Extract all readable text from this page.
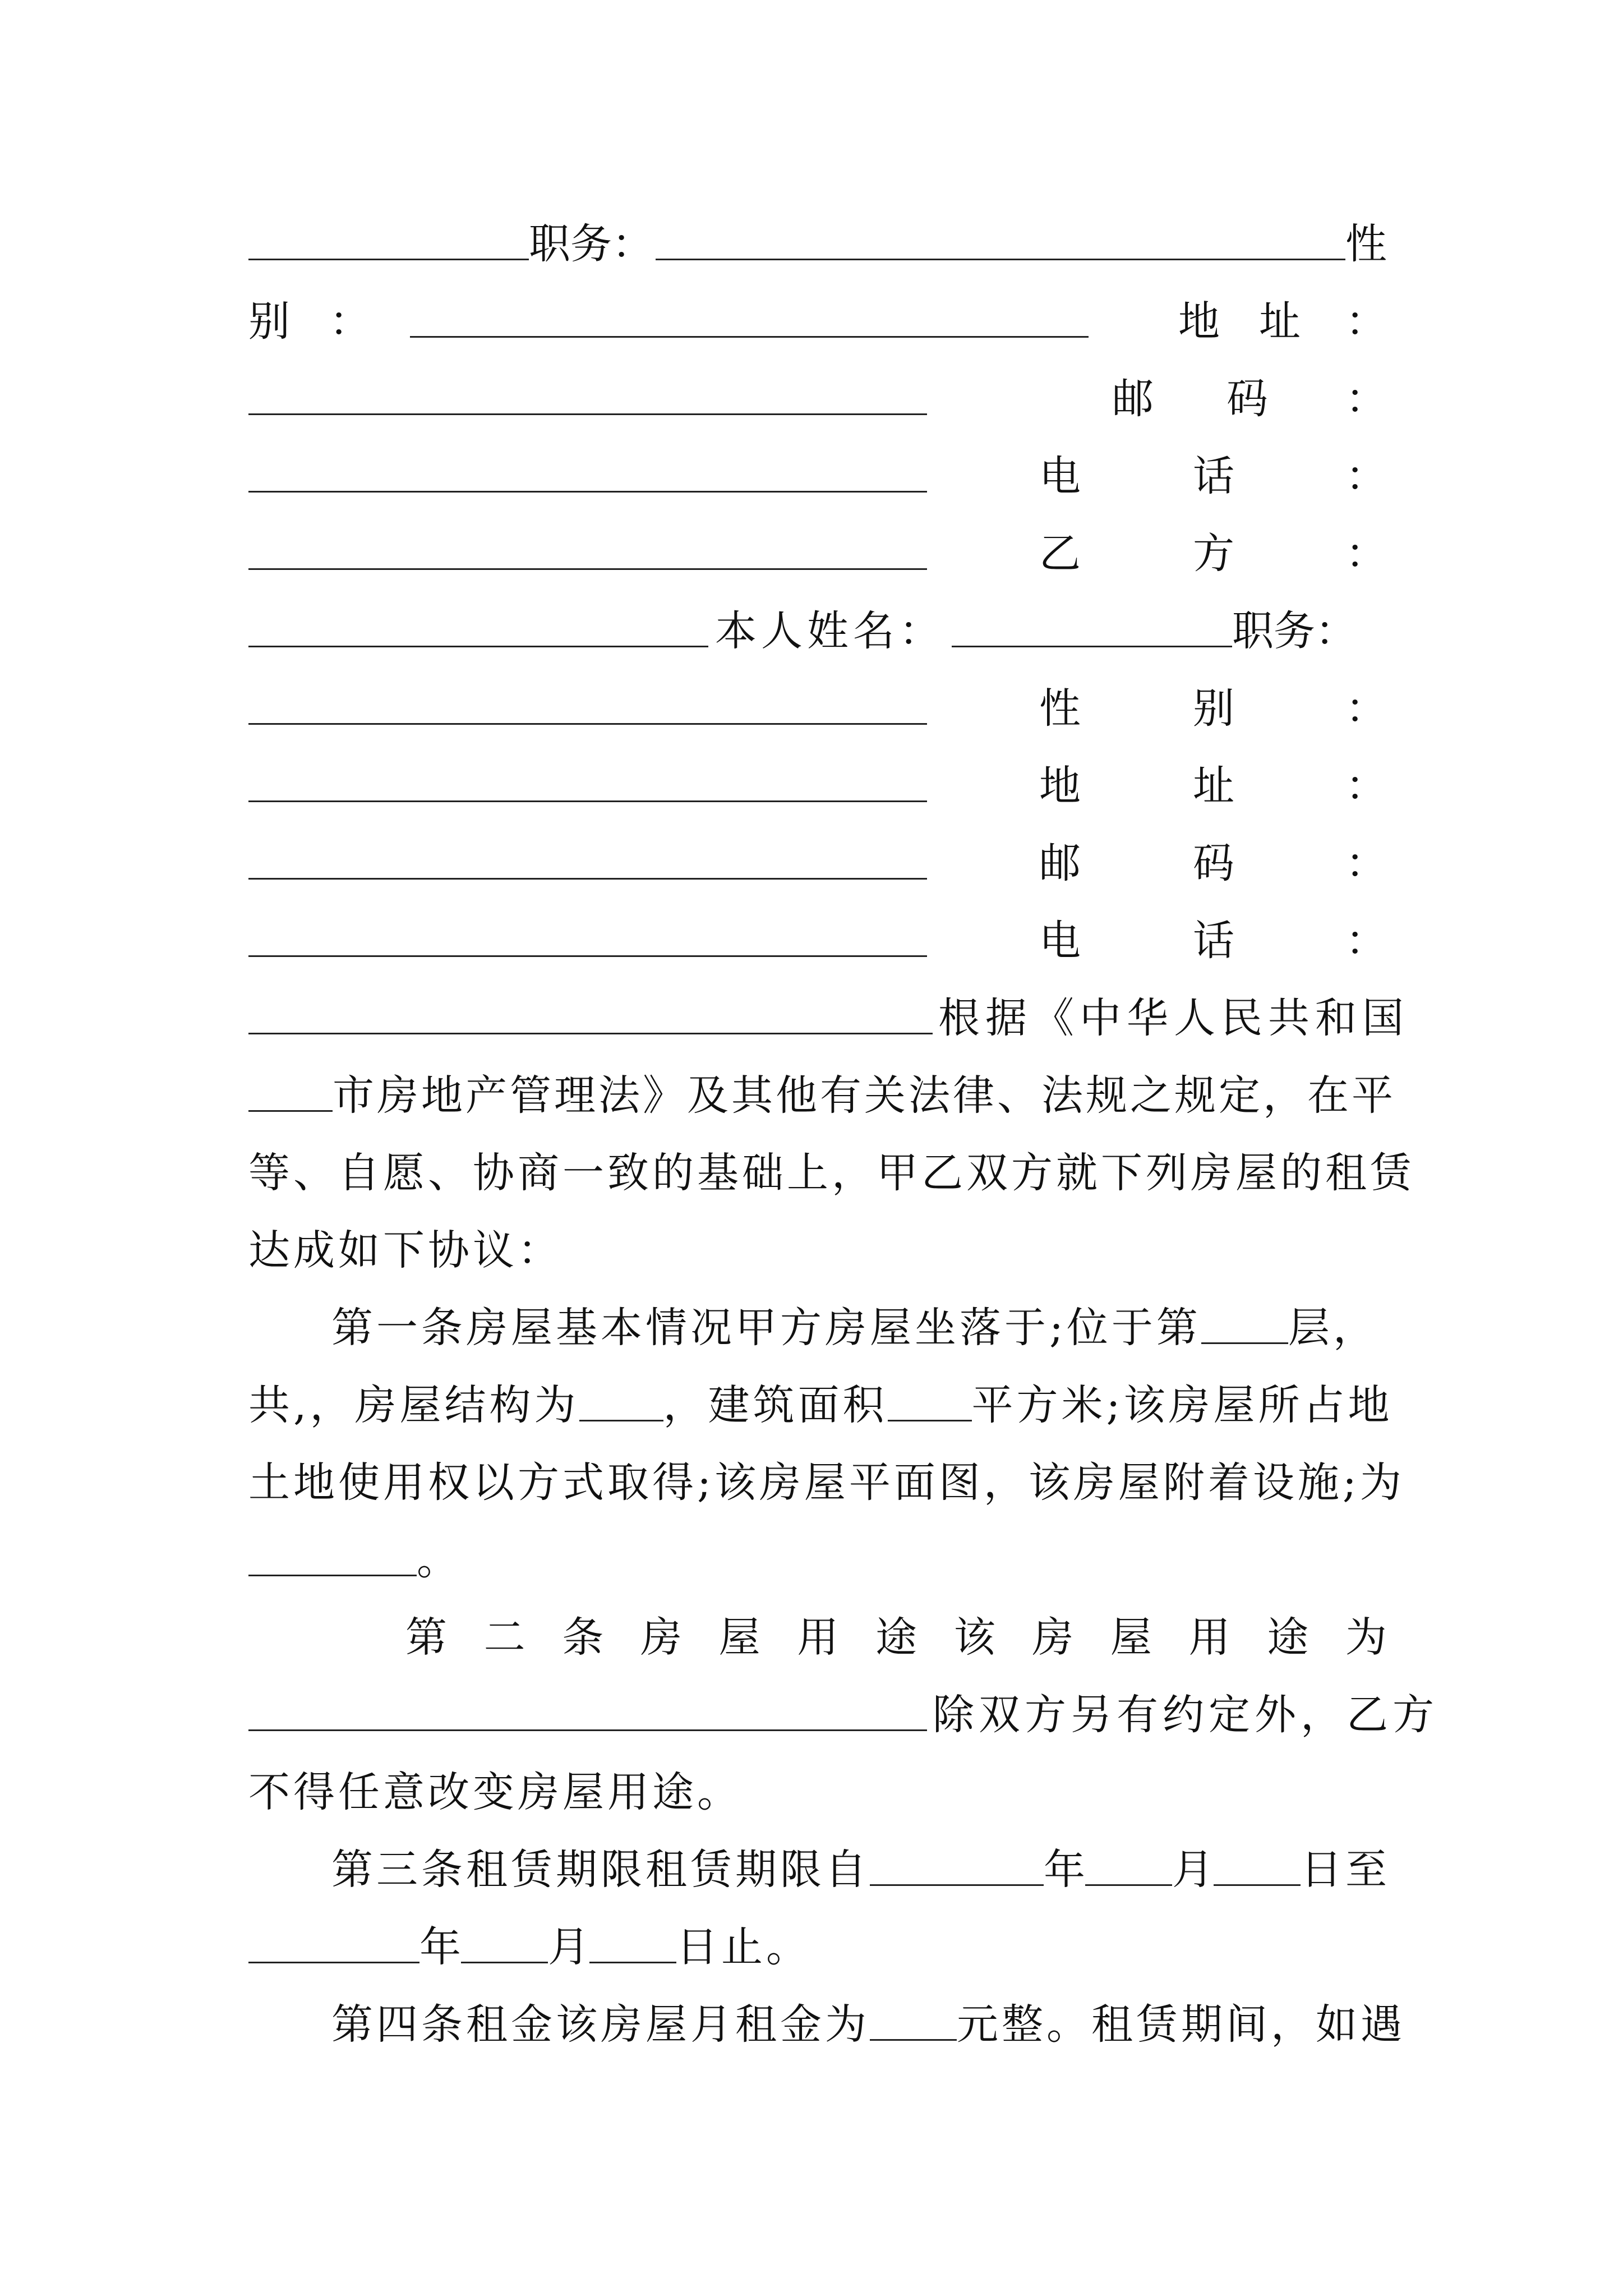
职务：	性
别 ：	地 址 ：
邮 码 ：
电	话	：
乙	方	：
本人姓名：	职务：
性	别	：
地	址	：
邮	码	：
电	话	：
根据《中华人民共和国
市房地产管理法》及其他有关法律、法规之规定，在平
等、自愿、协商一致的基础上，甲乙双方就下列房屋的租赁
达成如下协议：
第一条房屋基本情况甲方房屋坐落于;位于第 层，
共,，房屋结构为 ，建筑面积 平方米;该房屋所占地
土地使用权以方式取得;该房屋平面图，该房屋附着设施;为
。
第 二 条 房 屋 用 途 该 房 屋 用 途 为
除双方另有约定外，乙方
不得任意改变房屋用途。
第三条租赁期限租赁期限自	年 月 日至
年 月 日止。
第四条租金该房屋月租金为 元整。租赁期间，如遇
